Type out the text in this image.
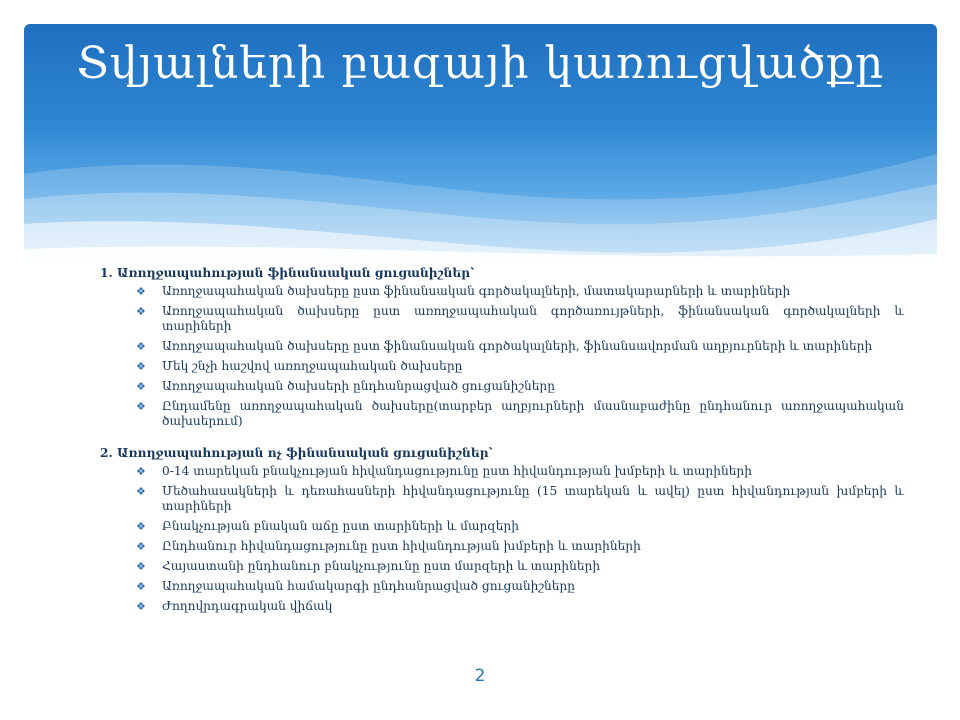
Տվյալների բազայի կառուցվածքը

1. Առողջապահության ֆինանսական ցուցանիշներ՝

❖ Առողջապահական ծախսերը ըստ ֆինանսական գործակալների, մատակարարների և տարիների
❖ Առողջապահական ծախսերը ըստ առողջապահական գործառույթների, ֆինանսական գործակալների և տարիների
❖ Առողջապահական ծախսերը ըստ ֆինանսական գործակալների, ֆինանսավորման աղբյուրների և տարիների
❖ Մեկ շնչի հաշվով առողջապահական ծախսերը
❖ Առողջապահական ծախսերի ընդհանրացված ցուցանիշները
❖ Ընդամենը առողջապահական ծախսերը(տարբեր աղբյուրների մասնաբաժինը ընդհանուր առողջապահական ծախսերում)

2. Առողջապահության ոչ ֆինանսական ցուցանիշներ՝

❖ 0-14 տարեկան բնակչության հիվանդացությունը ըստ հիվանդության խմբերի և տարիների
❖ Մեծահասակների և դեռահասների հիվանդացությունը (15 տարեկան և ավել) ըստ հիվանդության խմբերի և տարիների
❖ Բնակչության բնական աճը ըստ տարիների և մարզերի
❖ Ընդհանուր հիվանդացությունը ըստ հիվանդության խմբերի և տարիների
❖ Հայաստանի ընդհանուր բնակչությունը ըստ մարզերի և տարիների
❖ Առողջապահական համակարգի ընդհանրացված ցուցանիշները
❖ Ժողովրդագրական վիճակ
2
